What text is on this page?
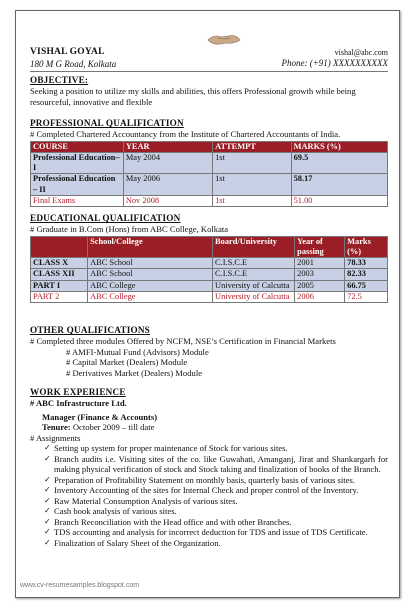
VISHAL GOYAL	vishal@abc.com
180 M G Road, Kolkata	Phone: (+91) XXXXXXXXXX
OBJECTIVE:
Seeking a position to utilize my skills and abilities, this offers Professional growth while being resourceful, innovative and flexible
PROFESSIONAL QUALIFICATION
# Completed Chartered Accountancy from the Institute of Chartered Accountants of India.
COURSE	YEAR	ATTEMPT	MARKS (%)
Professional Education– I	May 2004	1st	69.5
Professional Education – II	May 2006	1st	58.17
Final Exams	Nov 2008	1st	51.00
EDUCATIONAL QUALIFICATION
# Graduate in B.Com (Hons) from ABC College, Kolkata
	School/College	Board/University	Year of passing	Marks (%)
CLASS X	ABC School	C.I.S.C.E	2001	78.33
CLASS XII	ABC School	C.I.S.C.E	2003	82.33
PART I	ABC College	University of Calcutta	2005	66.75
PART 2	ABC College	University of Calcutta	2006	72.5
OTHER QUALIFICATIONS
# Completed three modules Offered by NCFM, NSE’s Certification in Financial Markets
# AMFI-Mutual Fund (Advisors) Module
# Capital Market (Dealers) Module
# Derivatives Market (Dealers) Module
WORK EXPERIENCE
# ABC Infrastructure Ltd.
Manager (Finance & Accounts)
Tenure: October 2009 – till date
# Assignments
✓ Setting up system for proper maintenance of Stock for various sites.
✓ Branch audits i.e. Visiting sites of the co. like Guwahati, Amanganj, Jirat and Shankargarh for making physical verification of stock and Stock taking and finalization of books of the Branch.
✓ Preparation of Profitability Statement on monthly basis, quarterly basis of various sites.
✓ Inventory Accounting of the sites for Internal Check and proper control of the Inventory.
✓ Raw Material Consumption Analysis of various sites.
✓ Cash book analysis of various sites.
✓ Branch Reconciliation with the Head office and with other Branches.
✓ TDS accounting and analysis for incorrect deduction for TDS and issue of TDS Certificate.
✓ Finalization of Salary Sheet of the Organization.
www.cv-resumesamples.blogspot.com
